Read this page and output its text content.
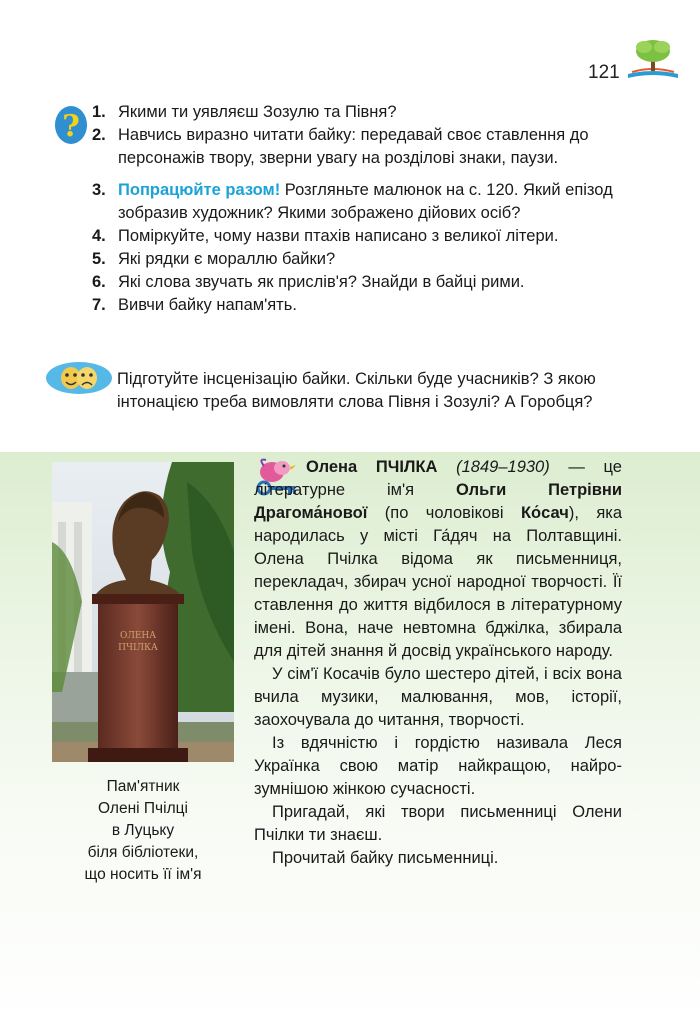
121
? 1. Якими ти уявляєш Зозулю та Півня?
2. Навчись виразно читати байку: передавай своє ставлення до персонажів твору, зверни увагу на розділові знаки, паузи.
3. Попрацюйте разом! Розгляньте малюнок на с. 120. Який епізод зобразив художник? Якими зображено дійових осіб?
4. Поміркуйте, чому назви птахів написано з великої літери.
5. Які рядки є мораллю байки?
6. Які слова звучать як прислів'я? Знайди в байці рими.
7. Вивчи байку напам'ять.
Підготуйте інсценізацію байки. Скільки буде учасників? З якою інтонацією треба вимовляти слова Півня і Зозулі? А Горобця?
ОЛЕНА
ПЧІЛКА
Пам'ятник
Олені Пчілці
в Луцьку
біля бібліотеки,
що носить її ім'я

Олена ПЧІЛКА (1849–1930) — це літературне ім'я Ольги Петрівни Драгома́нової (по чоловікові Ко́сач), яка народилась у місті Га́дяч на Полтавщині. Олена Пчілка відома як письменниця, перекладач, збирач усної народної творчості. Її ставлення до життя відбилося в літературному імені. Вона, наче невтомна бджілка, збирала для дітей знання й досвід українського народу.

У сім'ї Косачів було шестеро дітей, і всіх вона вчила музики, малювання, мов, історії, заохочувала до читання, творчості.

Із вдячністю і гордістю називала Леся Українка свою матір найкращою, найрозумнішою жінкою сучасності.

Пригадай, які твори письменниці Олени Пчілки ти знаєш.

Прочитай байку письменниці.
